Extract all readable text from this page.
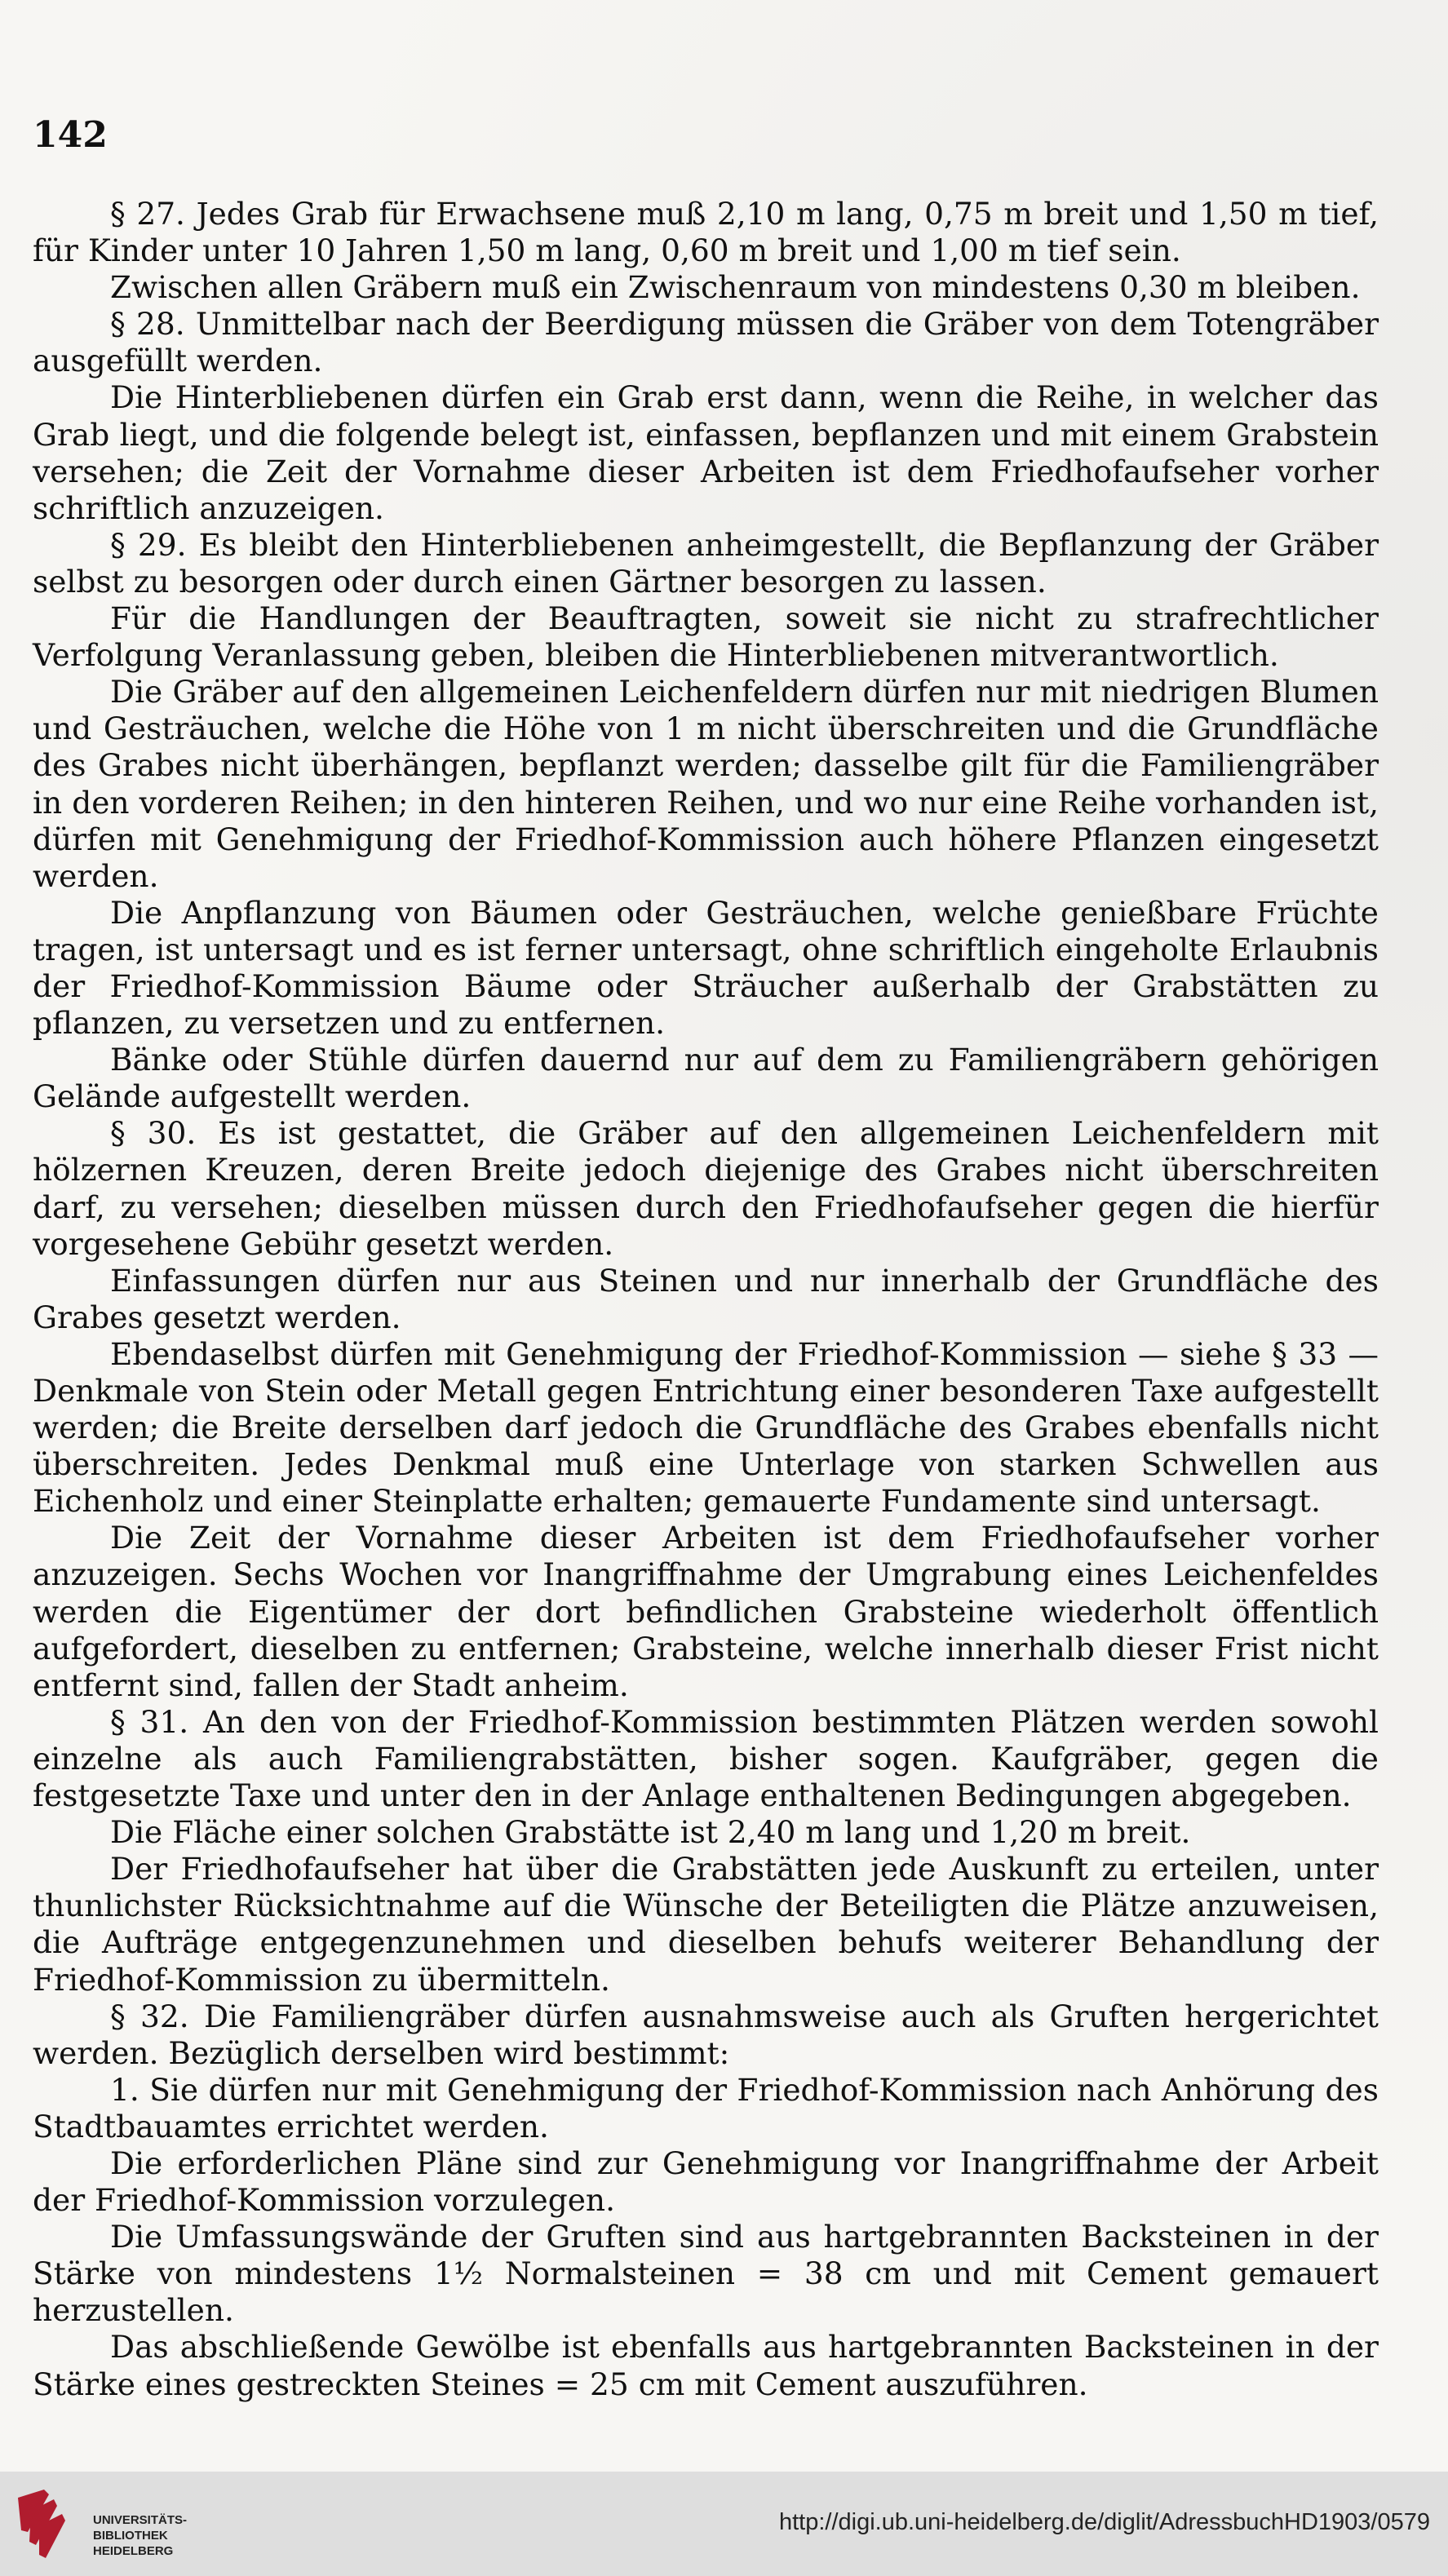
142

§ 27. Jedes Grab für Erwachsene muß 2,10 m lang, 0,75 m breit und 1,50 m tief, für Kinder unter 10 Jahren 1,50 m lang, 0,60 m breit und 1,00 m tief sein.

Zwischen allen Gräbern muß ein Zwischenraum von mindestens 0,30 m bleiben.

§ 28. Unmittelbar nach der Beerdigung müssen die Gräber von dem Totengräber ausgefüllt werden.

Die Hinterbliebenen dürfen ein Grab erst dann, wenn die Reihe, in welcher das Grab liegt, und die folgende belegt ist, einfassen, bepflanzen und mit einem Grabstein versehen; die Zeit der Vornahme dieser Arbeiten ist dem Friedhofaufseher vorher schriftlich anzuzeigen.

§ 29. Es bleibt den Hinterbliebenen anheimgestellt, die Bepflanzung der Gräber selbst zu besorgen oder durch einen Gärtner besorgen zu lassen.

Für die Handlungen der Beauftragten, soweit sie nicht zu strafrechtlicher Verfolgung Veranlassung geben, bleiben die Hinterbliebenen mitverantwortlich.

Die Gräber auf den allgemeinen Leichenfeldern dürfen nur mit niedrigen Blumen und Gesträuchen, welche die Höhe von 1 m nicht überschreiten und die Grundfläche des Grabes nicht überhängen, bepflanzt werden; dasselbe gilt für die Familiengräber in den vorderen Reihen; in den hinteren Reihen, und wo nur eine Reihe vorhanden ist, dürfen mit Genehmigung der Friedhof-Kommission auch höhere Pflanzen eingesetzt werden.

Die Anpflanzung von Bäumen oder Gesträuchen, welche genießbare Früchte tragen, ist untersagt und es ist ferner untersagt, ohne schriftlich eingeholte Erlaubnis der Friedhof-Kommission Bäume oder Sträucher außerhalb der Grabstätten zu pflanzen, zu versetzen und zu entfernen.

Bänke oder Stühle dürfen dauernd nur auf dem zu Familiengräbern gehörigen Gelände aufgestellt werden.

§ 30. Es ist gestattet, die Gräber auf den allgemeinen Leichenfeldern mit hölzernen Kreuzen, deren Breite jedoch diejenige des Grabes nicht überschreiten darf, zu versehen; dieselben müssen durch den Friedhofaufseher gegen die hierfür vorgesehene Gebühr gesetzt werden.

Einfassungen dürfen nur aus Steinen und nur innerhalb der Grundfläche des Grabes gesetzt werden.

Ebendaselbst dürfen mit Genehmigung der Friedhof-Kommission — siehe § 33 — Denkmale von Stein oder Metall gegen Entrichtung einer besonderen Taxe aufgestellt werden; die Breite derselben darf jedoch die Grundfläche des Grabes ebenfalls nicht überschreiten. Jedes Denkmal muß eine Unterlage von starken Schwellen aus Eichenholz und einer Steinplatte erhalten; gemauerte Fundamente sind untersagt.

Die Zeit der Vornahme dieser Arbeiten ist dem Friedhofaufseher vorher anzuzeigen. Sechs Wochen vor Inangriffnahme der Umgrabung eines Leichenfeldes werden die Eigentümer der dort befindlichen Grabsteine wiederholt öffentlich aufgefordert, dieselben zu entfernen; Grabsteine, welche innerhalb dieser Frist nicht entfernt sind, fallen der Stadt anheim.

§ 31. An den von der Friedhof-Kommission bestimmten Plätzen werden sowohl einzelne als auch Familiengrabstätten, bisher sogen. Kaufgräber, gegen die festgesetzte Taxe und unter den in der Anlage enthaltenen Bedingungen abgegeben.

Die Fläche einer solchen Grabstätte ist 2,40 m lang und 1,20 m breit.

Der Friedhofaufseher hat über die Grabstätten jede Auskunft zu erteilen, unter thunlichster Rücksichtnahme auf die Wünsche der Beteiligten die Plätze anzuweisen, die Aufträge entgegenzunehmen und dieselben behufs weiterer Behandlung der Friedhof-Kommission zu übermitteln.

§ 32. Die Familiengräber dürfen ausnahmsweise auch als Gruften hergerichtet werden. Bezüglich derselben wird bestimmt:

1. Sie dürfen nur mit Genehmigung der Friedhof-Kommission nach Anhörung des Stadtbauamtes errichtet werden.

Die erforderlichen Pläne sind zur Genehmigung vor Inangriffnahme der Arbeit der Friedhof-Kommission vorzulegen.

Die Umfassungswände der Gruften sind aus hartgebrannten Backsteinen in der Stärke von mindestens 1½ Normalsteinen = 38 cm und mit Cement gemauert herzustellen.

Das abschließende Gewölbe ist ebenfalls aus hartgebrannten Backsteinen in der Stärke eines gestreckten Steines = 25 cm mit Cement auszuführen.

UNIVERSITÄTS-
BIBLIOTHEK
HEIDELBERG
http://digi.ub.uni-heidelberg.de/diglit/AdressbuchHD1903/0579
